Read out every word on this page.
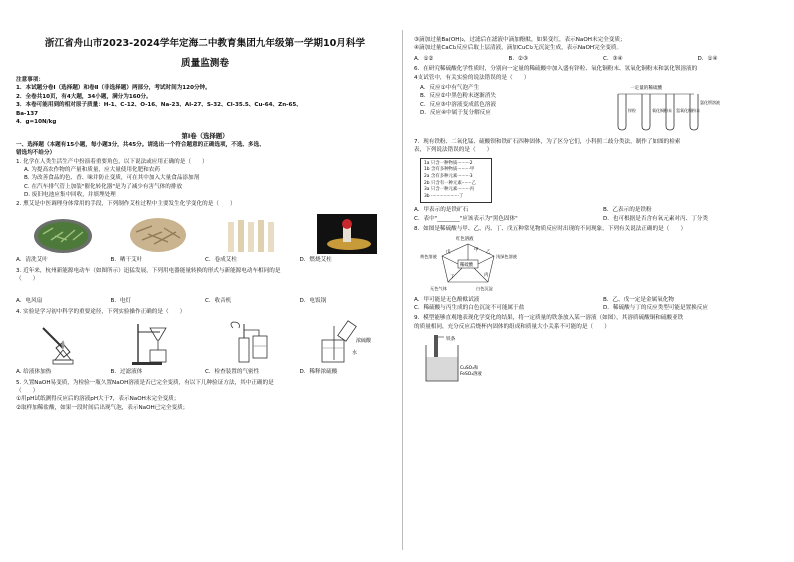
浙江省舟山市2023-2024学年定海二中教育集团九年级第一学期10月科学
质量监测卷
注意事项：
1．本试题分卷Ⅰ（选择题）和卷Ⅱ（非选择题）两部分，考试时间为120分钟。
2．全卷共10页，有4大题，34小题，满分为160分。
3．本卷可能用到的相对原子质量：H-1、C-12、O-16、Na-23、Al-27、S-32、Cl-35.5、Cu-64、Zn-65、
Ba-137
4．g=10N/kg
第Ⅰ卷（选择题）
一、选择题（本题有15小题，每小题3分，共45分。请选出一个符合题意的正确选项，不选、多选、
错选均不给分）
1. 化学在人类生活生产中扮演着重要角色，以下说法或应用正确的是（　　）
A. 为提高农作物的产量和质量，应大量使用化肥和农药
B. 为改善食品的色、香、味并防止变质，可在其中加入大量食品添加剂
C. 在汽车排气管上加装"催化转化器"是为了减少有害气体的排放
D. 废旧电池应集中回收，并填埋处理
2. 熏艾是中医调理身体常用的手段，下列制作艾柱过程中主要发生化学变化的是（　　）
A．清洗艾叶	B．晒干艾叶	C．卷成艾柱	D．燃烧艾柱
3. 近年来，杭州新能源电动车（如图所示）迅猛发展，下列用电器能量转换的形式与新能源电动车相同的是
（　　）
A．电风扇	B．电灯	C．收音机	D．电饭锅
4. 实验是学习初中科学的重要途径，下列实验操作正确的是（　　）
水
浓硫酸
A. 给液体加热	B．过滤液体	C．检查装置的气密性	D．稀释浓硫酸
5. 久置NaOH易变质，为检验一瓶久置NaOH溶液是否已完全变质，有以下几种验证方法，其中正确的是
（　　）
①用pH试纸测得反应后的溶液pH大于7，表示NaOH未完全变质；
②取样加稀盐酸，如果一段时间后出现气泡，表示NaOH已完全变质；
③滴加过量Ba(OH)₂，过滤后在滤液中滴加酚酞，如果变红，表示NaOH未完全变质；
④滴加过量CaCl₂反应后取上层清液，滴加CuCl₂无沉淀生成，表示NaOH完全变质。
A．①②	B．②③	C．③④	D．①④
6．在研究稀硫酸化学性质时，分别向一定量的稀硫酸中加入盛有锌粒、氧化铜粉末、氢氧化铜粉末和氯化钡溶液的
4支试管中，有关实验的说法错误的是（　　）
A．反应①中有气泡产生
B．反应②中黑色粉末逐渐消失
C．反应③中溶液变成蓝色溶液
D．反应④中属于复分解反应
一定量的稀硫酸
锌粒	氧化铜粉末 氢氧化铜粉末
氯化钡溶液
7．现有铁粉、二氧化锰、硫酸钡和铁矿石四种固体，为了区分它们，小科照二歧分类法，制作了如图的检索
表，下列说法错误的是（　　）
1a 只含一种物质·········2
1b 含有多种物质·········甲
2a 含有多种元素·········3
2b 只含有一种元素·······乙
3a 只含一种元素·········丙
3b ····················丁
A．甲表示的是铁矿石	B．乙表示的是铁粉
C．表中"________"应该表示为"黑色固体"	D．也可根据是否含有氧元素对丙、丁分类
8．如图是稀硫酸与甲、乙、丙、丁、戊五种常见物质反应时出现的不同现象，下列有关说法正确的是（　　）
红色溶液
稀硫酸
戊	甲 乙
丙
丁
黄色溶液	浅绿色溶液
无色气体	白色沉淀
A．甲可能是无色酚酞试液	B．乙、戊一定是金属氧化物
C．稀硫酸与丙生成的白色沉淀不可能属于盐	D．稀硫酸与丁的反应类型可能是置换反应
9．模型能够直观地表现化学变化的结果，将一定质量的铁条放入某一溶液（如图），其溶质硫酸铜和硫酸亚铁
的质量相同，充分反应后烧杯内固体的组成和质量大小关系不可能的是（　　）
铁条
CuSO₄和
FeSO₄溶液
